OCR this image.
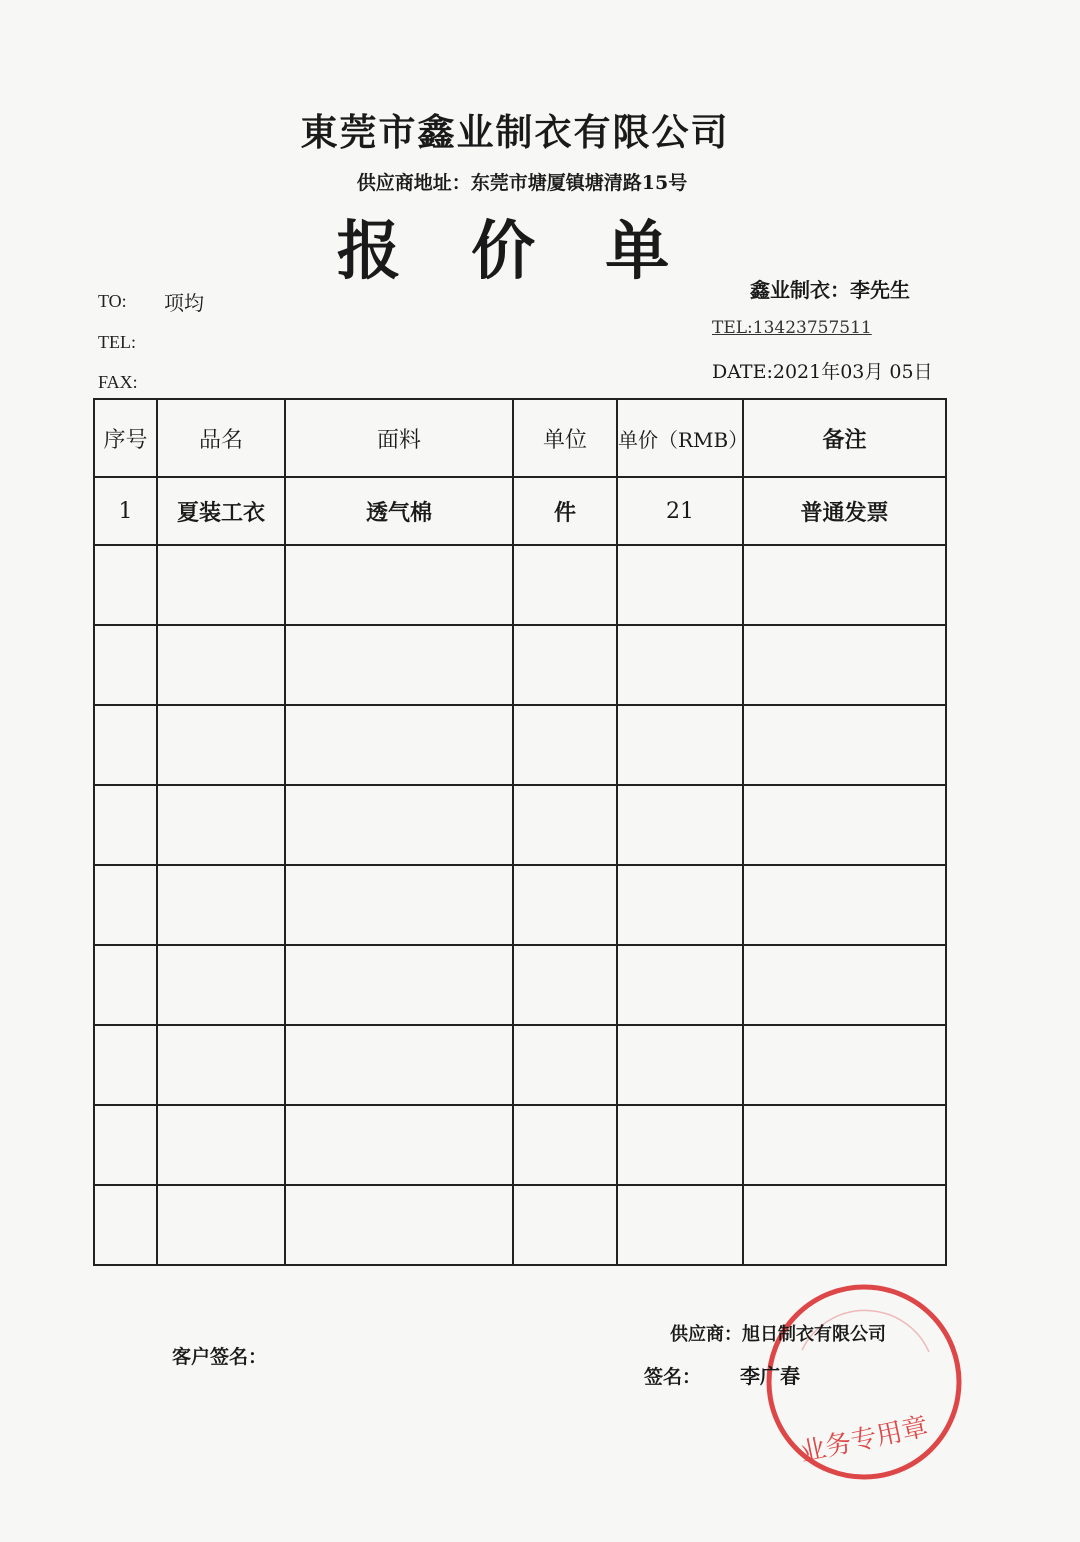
東莞市鑫业制衣有限公司
供应商地址：东莞市塘厦镇塘清路15号
报 价 单
TO: 项均
TEL:
FAX:
鑫业制衣：李先生
TEL:13423757511
DATE:2021年03月 05日
序号	品名	面料	单位	单价（RMB）	备注
1	夏装工衣	透气棉	件	21	普通发票

客户签名：
业务专用章
供应商：旭日制衣有限公司
签名： 李广春
